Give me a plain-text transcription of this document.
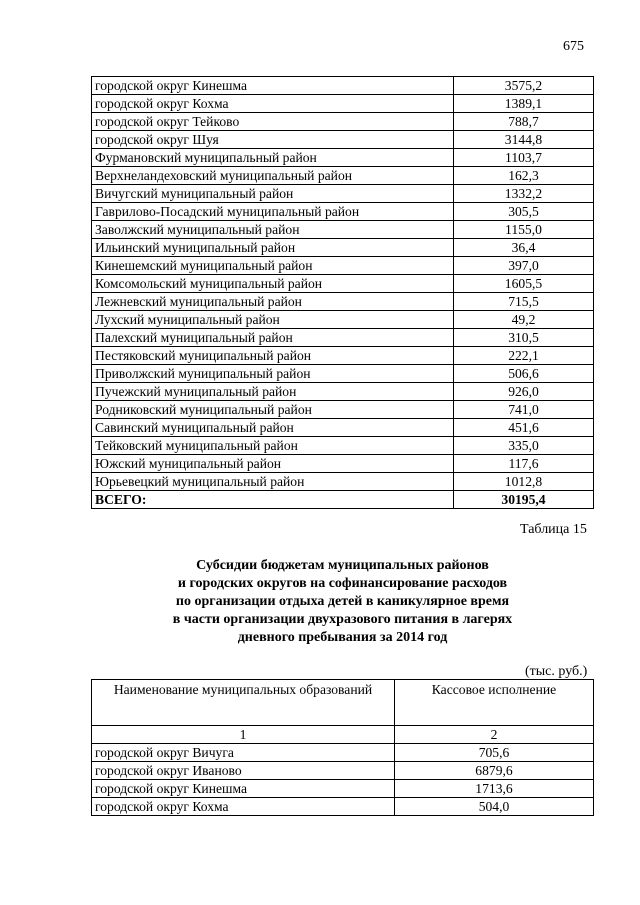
675
городской округ Кинешма	3575,2
городской округ Кохма	1389,1
городской округ Тейково	788,7
городской округ Шуя	3144,8
Фурмановский муниципальный район	1103,7
Верхнеландеховский муниципальный район	162,3
Вичугский муниципальный район	1332,2
Гаврилово-Посадский муниципальный район	305,5
Заволжский муниципальный район	1155,0
Ильинский муниципальный район	36,4
Кинешемский муниципальный район	397,0
Комсомольский муниципальный район	1605,5
Лежневский муниципальный район	715,5
Лухский муниципальный район	49,2
Палехский муниципальный район	310,5
Пестяковский муниципальный район	222,1
Приволжский муниципальный район	506,6
Пучежский муниципальный район	926,0
Родниковский муниципальный район	741,0
Савинский муниципальный район	451,6
Тейковский муниципальный район	335,0
Южский муниципальный район	117,6
Юрьевецкий муниципальный район	1012,8
ВСЕГО:	30195,4
Таблица 15
Субсидии бюджетам муниципальных районов
и городских округов на софинансирование расходов
по организации отдыха детей в каникулярное время
в части организации двухразового питания в лагерях
дневного пребывания за 2014 год
(тыс. руб.)
Наименование муниципальных образований	Кассовое исполнение
1	2
городской округ Вичуга	705,6
городской округ Иваново	6879,6
городской округ Кинешма	1713,6
городской округ Кохма	504,0
